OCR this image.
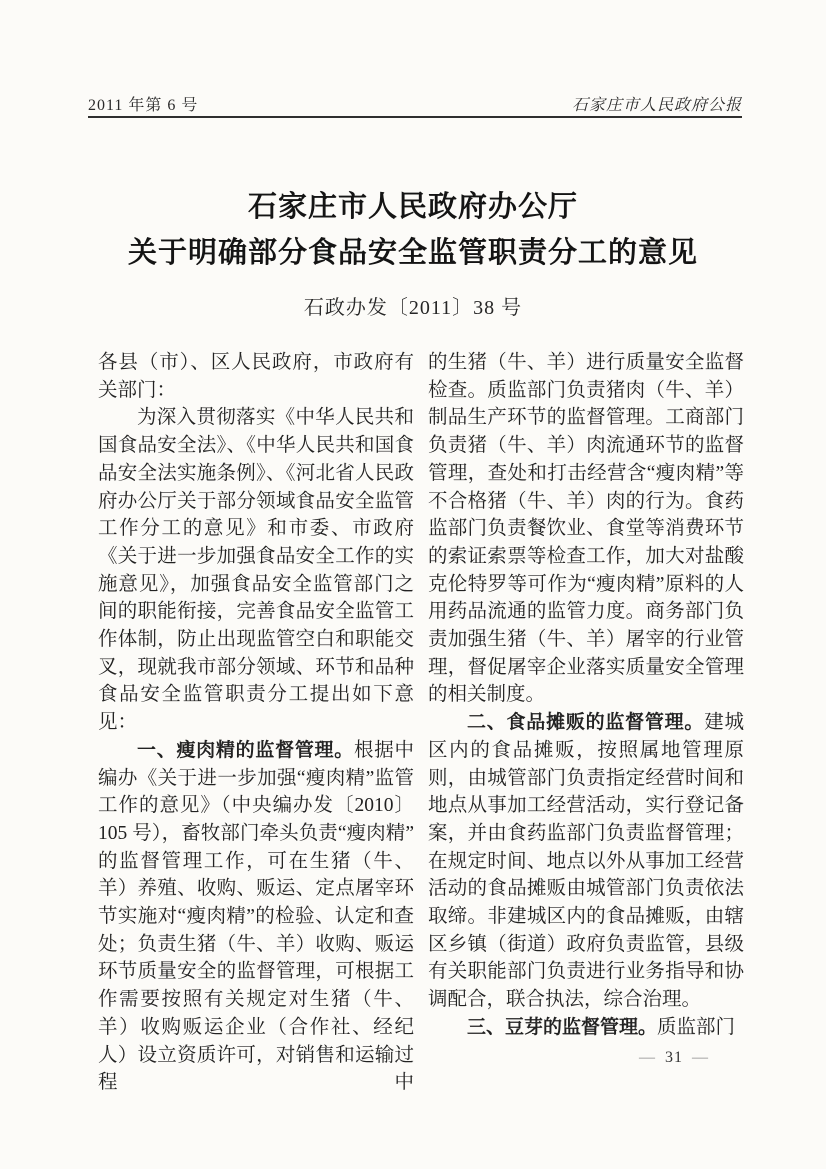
2011 年第 6 号	石家庄市人民政府公报
石家庄市人民政府办公厅
关于明确部分食品安全监管职责分工的意见
石政办发〔2011〕38 号

各县（市）、区人民政府，市政府有关部门：

为深入贯彻落实《中华人民共和国食品安全法》、《中华人民共和国食品安全法实施条例》、《河北省人民政府办公厅关于部分领域食品安全监管工作分工的意见》和市委、市政府《关于进一步加强食品安全工作的实施意见》，加强食品安全监管部门之间的职能衔接，完善食品安全监管工作体制，防止出现监管空白和职能交叉，现就我市部分领域、环节和品种食品安全监管职责分工提出如下意见：

一、瘦肉精的监督管理。根据中编办《关于进一步加强“瘦肉精”监管工作的意见》（中央编办发〔2010〕105 号），畜牧部门牵头负责“瘦肉精”的监督管理工作，可在生猪（牛、羊）养殖、收购、贩运、定点屠宰环节实施对“瘦肉精”的检验、认定和查处；负责生猪（牛、羊）收购、贩运环节质量安全的监督管理，可根据工作需要按照有关规定对生猪（牛、羊）收购贩运企业（合作社、经纪人）设立资质许可，对销售和运输过程中

的生猪（牛、羊）进行质量安全监督检查。质监部门负责猪肉（牛、羊）制品生产环节的监督管理。工商部门负责猪（牛、羊）肉流通环节的监督管理，查处和打击经营含“瘦肉精”等不合格猪（牛、羊）肉的行为。食药监部门负责餐饮业、食堂等消费环节的索证索票等检查工作，加大对盐酸克伦特罗等可作为“瘦肉精”原料的人用药品流通的监管力度。商务部门负责加强生猪（牛、羊）屠宰的行业管理，督促屠宰企业落实质量安全管理的相关制度。

二、食品摊贩的监督管理。建城区内的食品摊贩，按照属地管理原则，由城管部门负责指定经营时间和地点从事加工经营活动，实行登记备案，并由食药监部门负责监督管理；在规定时间、地点以外从事加工经营活动的食品摊贩由城管部门负责依法取缔。非建城区内的食品摊贩，由辖区乡镇（街道）政府负责监管，县级有关职能部门负责进行业务指导和协调配合，联合执法，综合治理。

三、豆芽的监督管理。质监部门

— 31 —
